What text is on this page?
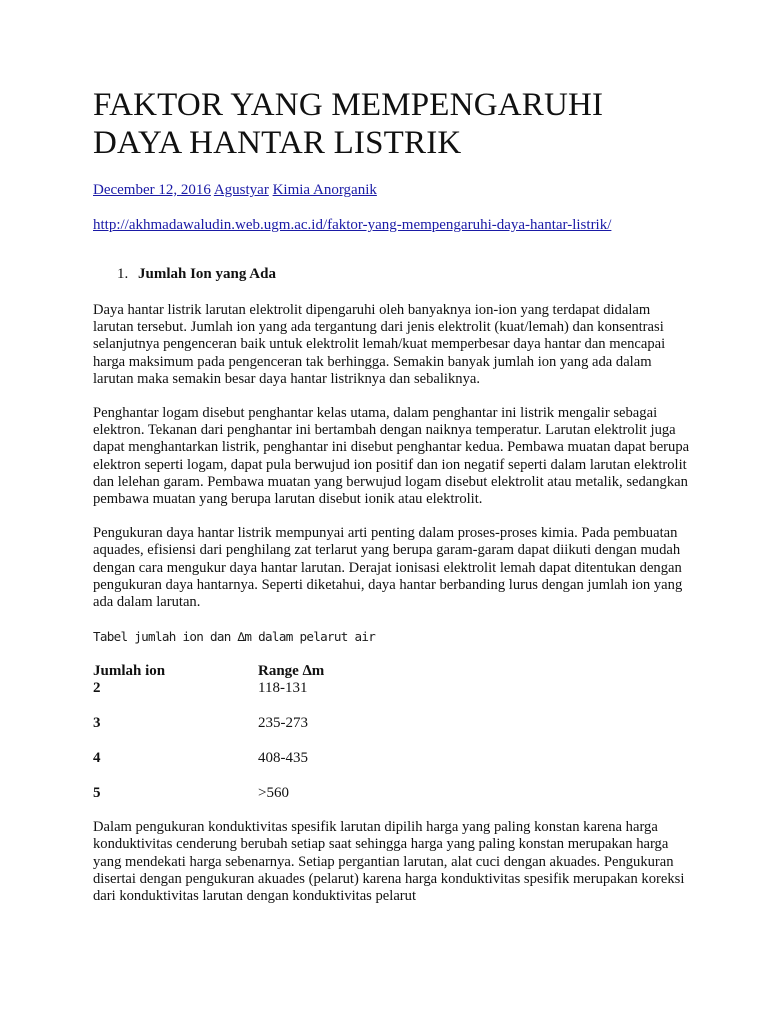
FAKTOR YANG MEMPENGARUHI DAYA HANTAR LISTRIK
December 12, 2016 Agustyar Kimia Anorganik
http://akhmadawaludin.web.ugm.ac.id/faktor-yang-mempengaruhi-daya-hantar-listrik/
1. Jumlah Ion yang Ada

Daya hantar listrik larutan elektrolit dipengaruhi oleh banyaknya ion-ion yang terdapat didalam larutan tersebut. Jumlah ion yang ada tergantung dari jenis elektrolit (kuat/lemah) dan konsentrasi selanjutnya pengenceran baik untuk elektrolit lemah/kuat memperbesar daya hantar dan mencapai harga maksimum pada pengenceran tak berhingga. Semakin banyak jumlah ion yang ada dalam larutan maka semakin besar daya hantar listriknya dan sebaliknya.

Penghantar logam disebut penghantar kelas utama, dalam penghantar ini listrik mengalir sebagai elektron. Tekanan dari penghantar ini bertambah dengan naiknya temperatur. Larutan elektrolit juga dapat menghantarkan listrik, penghantar ini disebut penghantar kedua. Pembawa muatan dapat berupa elektron seperti logam, dapat pula berwujud ion positif dan ion negatif seperti dalam larutan elektrolit dan lelehan garam. Pembawa muatan yang berwujud logam disebut elektrolit atau metalik, sedangkan pembawa muatan yang berupa larutan disebut ionik atau elektrolit.

Pengukuran daya hantar listrik mempunyai arti penting dalam proses-proses kimia. Pada pembuatan aquades, efisiensi dari penghilang zat terlarut yang berupa garam-garam dapat diikuti dengan mudah dengan cara mengukur daya hantar larutan. Derajat ionisasi elektrolit lemah dapat ditentukan dengan pengukuran daya hantarnya. Seperti diketahui, daya hantar berbanding lurus dengan jumlah ion yang ada dalam larutan.

Tabel jumlah ion dan ∆m dalam pelarut air
Jumlah ion	Range ∆m
2	118-131
3	235-273
4	408-435
5	>560

Dalam pengukuran konduktivitas spesifik larutan dipilih harga yang paling konstan karena harga konduktivitas cenderung berubah setiap saat sehingga harga yang paling konstan merupakan harga yang mendekati harga sebenarnya. Setiap pergantian larutan, alat cuci dengan akuades. Pengukuran disertai dengan pengukuran akuades (pelarut) karena harga konduktivitas spesifik merupakan koreksi dari konduktivitas larutan dengan konduktivitas pelarut
